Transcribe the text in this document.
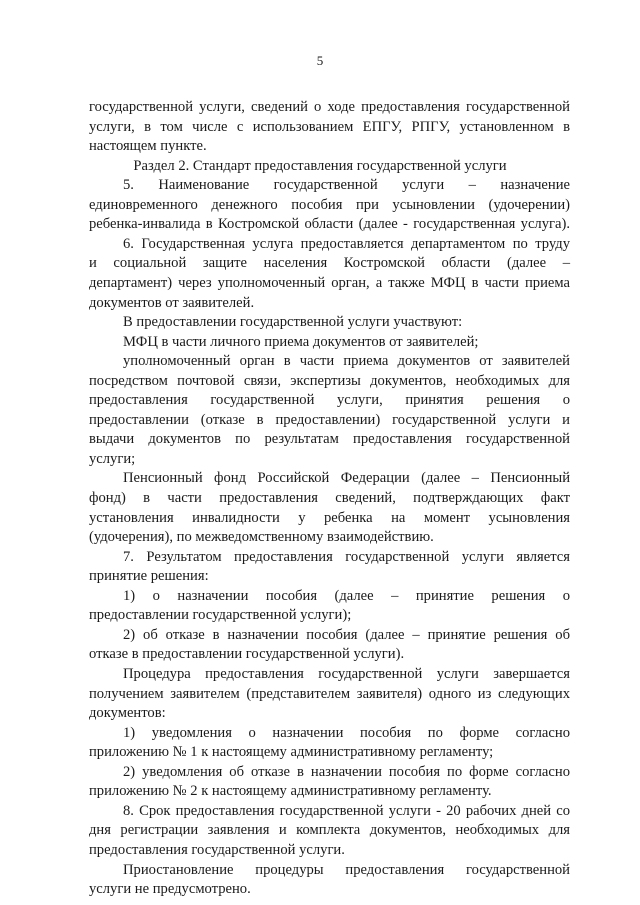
5
государственной услуги, сведений о ходе предоставления государственной
услуги, в том числе с использованием ЕПГУ, РПГУ, установленном в
настоящем пункте.
Раздел 2. Стандарт предоставления государственной услуги
5. Наименование государственной услуги – назначение
единовременного денежного пособия при усыновлении (удочерении)
ребенка-инвалида в Костромской области (далее - государственная услуга).
6. Государственная услуга предоставляется департаментом по труду
и социальной защите населения Костромской области (далее –
департамент) через уполномоченный орган, а также МФЦ в части приема
документов от заявителей.
В предоставлении государственной услуги участвуют:
МФЦ в части личного приема документов от заявителей;
уполномоченный орган в части приема документов от заявителей
посредством почтовой связи, экспертизы документов, необходимых для
предоставления государственной услуги, принятия решения о
предоставлении (отказе в предоставлении) государственной услуги и
выдачи документов по результатам предоставления государственной
услуги;
Пенсионный фонд Российской Федерации (далее – Пенсионный
фонд) в части предоставления сведений, подтверждающих факт
установления инвалидности у ребенка на момент усыновления
(удочерения), по межведомственному взаимодействию.
7. Результатом предоставления государственной услуги является
принятие решения:
1) о назначении пособия (далее – принятие решения о
предоставлении государственной услуги);
2) об отказе в назначении пособия (далее – принятие решения об
отказе в предоставлении государственной услуги).
Процедура предоставления государственной услуги завершается
получением заявителем (представителем заявителя) одного из следующих
документов:
1) уведомления о назначении пособия по форме согласно
приложению № 1 к настоящему административному регламенту;
2) уведомления об отказе в назначении пособия по форме согласно
приложению № 2 к настоящему административному регламенту.
8. Срок предоставления государственной услуги - 20 рабочих дней со
дня регистрации заявления и комплекта документов, необходимых для
предоставления государственной услуги.
Приостановление процедуры предоставления государственной
услуги не предусмотрено.
